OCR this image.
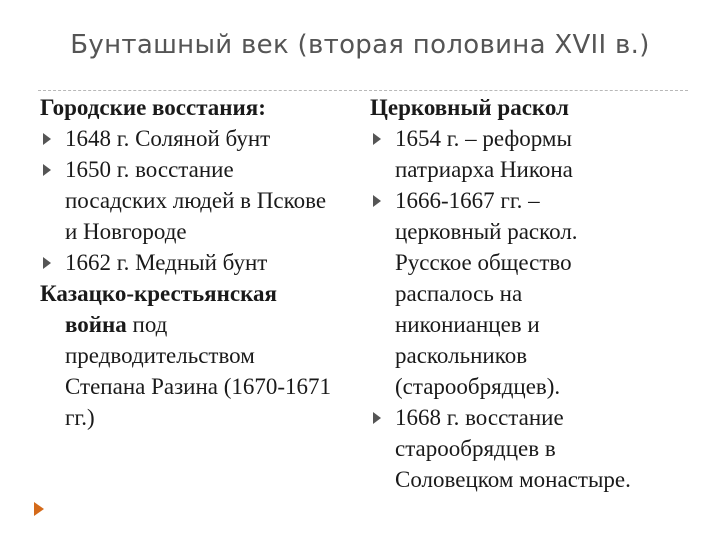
Бунташный век (вторая половина XVII в.)
Городские восстания:
1648 г. Соляной бунт
1650 г. восстание
посадских людей в Пскове
и Новгороде
1662 г. Медный бунт
Казацко-крестьянская
война под
предводительством
Степана Разина (1670-1671
гг.)
Церковный раскол
1654 г. – реформы
патриарха Никона
1666-1667 гг. –
церковный раскол.
Русское общество
распалось на
никонианцев и
раскольников
(старообрядцев).
1668 г. восстание
старообрядцев в
Соловецком монастыре.
